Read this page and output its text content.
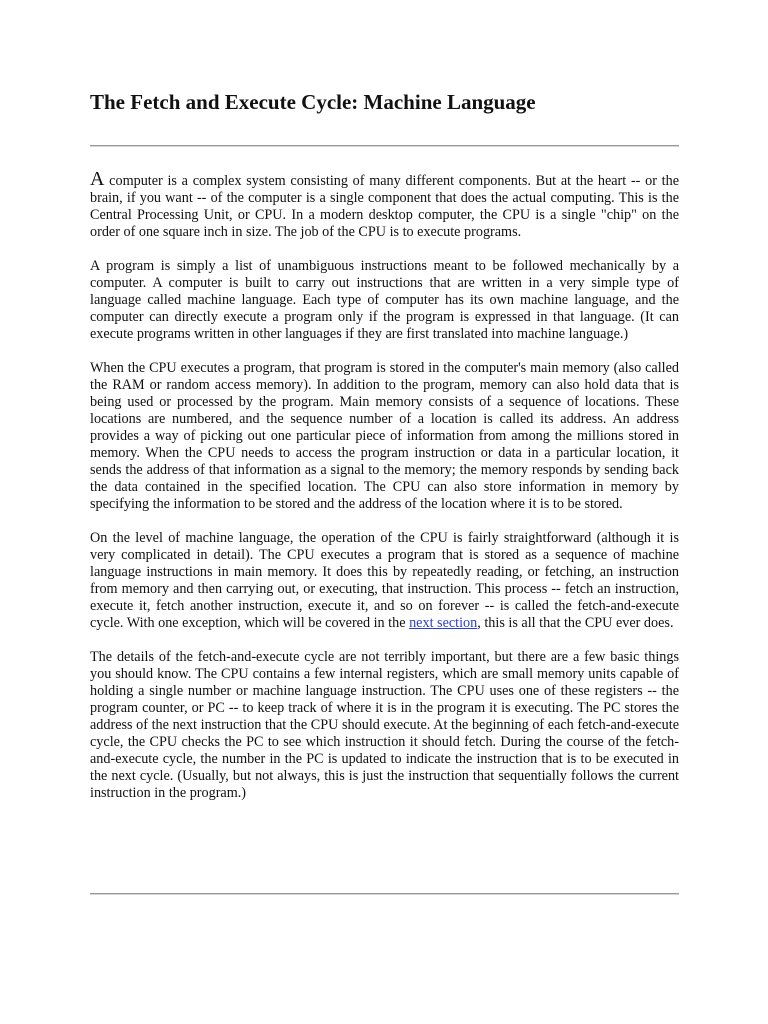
The Fetch and Execute Cycle: Machine Language

A computer is a complex system consisting of many different components. But at the heart -- or the brain, if you want -- of the computer is a single component that does the actual computing. This is the Central Processing Unit, or CPU. In a modern desktop computer, the CPU is a single "chip" on the order of one square inch in size. The job of the CPU is to execute programs.

A program is simply a list of unambiguous instructions meant to be followed mechanically by a computer. A computer is built to carry out instructions that are written in a very simple type of language called machine language. Each type of computer has its own machine language, and the computer can directly execute a program only if the program is expressed in that language. (It can execute programs written in other languages if they are first translated into machine language.)

When the CPU executes a program, that program is stored in the computer's main memory (also called the RAM or random access memory). In addition to the program, memory can also hold data that is being used or processed by the program. Main memory consists of a sequence of locations. These locations are numbered, and the sequence number of a location is called its address. An address provides a way of picking out one particular piece of information from among the millions stored in memory. When the CPU needs to access the program instruction or data in a particular location, it sends the address of that information as a signal to the memory; the memory responds by sending back the data contained in the specified location. The CPU can also store information in memory by specifying the information to be stored and the address of the location where it is to be stored.

On the level of machine language, the operation of the CPU is fairly straightforward (although it is very complicated in detail). The CPU executes a program that is stored as a sequence of machine language instructions in main memory. It does this by repeatedly reading, or fetching, an instruction from memory and then carrying out, or executing, that instruction. This process -- fetch an instruction, execute it, fetch another instruction, execute it, and so on forever -- is called the fetch-and-execute cycle. With one exception, which will be covered in the next section, this is all that the CPU ever does.

The details of the fetch-and-execute cycle are not terribly important, but there are a few basic things you should know. The CPU contains a few internal registers, which are small memory units capable of holding a single number or machine language instruction. The CPU uses one of these registers -- the program counter, or PC -- to keep track of where it is in the program it is executing. The PC stores the address of the next instruction that the CPU should execute. At the beginning of each fetch-and-execute cycle, the CPU checks the PC to see which instruction it should fetch. During the course of the fetch-and-execute cycle, the number in the PC is updated to indicate the instruction that is to be executed in the next cycle. (Usually, but not always, this is just the instruction that sequentially follows the current instruction in the program.)
